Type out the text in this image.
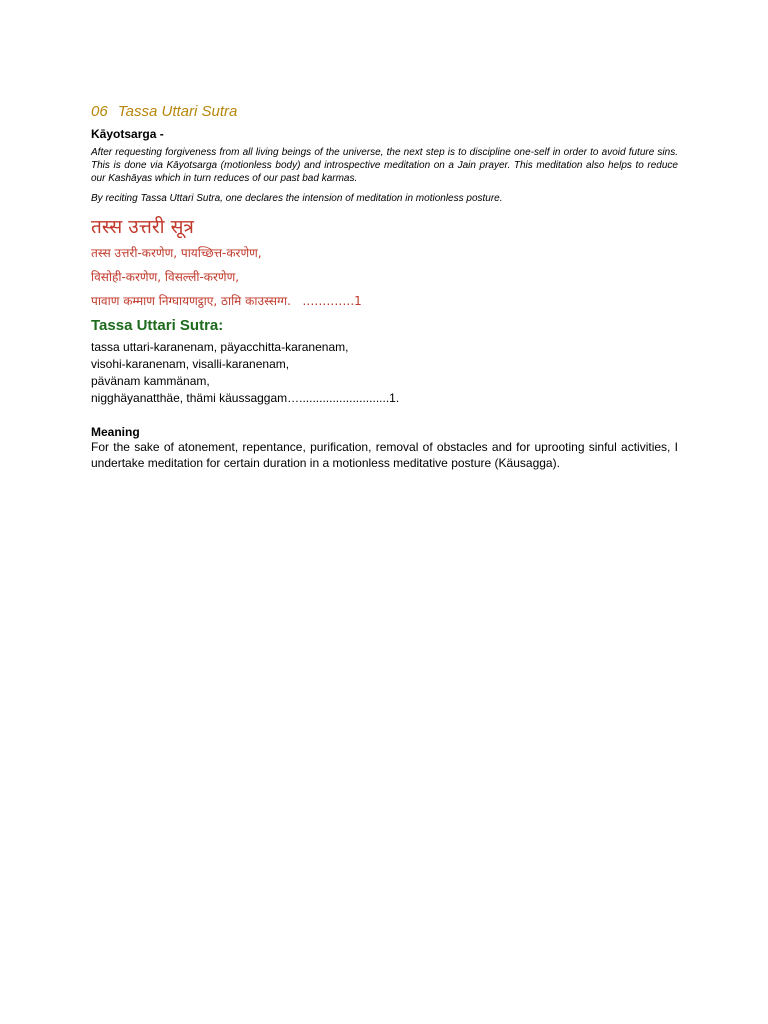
06 Tassa Uttari Sutra
Kāyotsarga -

After requesting forgiveness from all living beings of the universe, the next step is to discipline one-self in order to avoid future sins. This is done via Kāyotsarga (motionless body) and introspective meditation on a Jain prayer. This meditation also helps to reduce our Kashāyas which in turn reduces of our past bad karmas.

By reciting Tassa Uttari Sutra, one declares the intension of meditation in motionless posture.

तस्स उत्तरी सूत्र
तस्स उत्तरी-करणेण, पायच्छित्त-करणेण,
विसोही-करणेण, विसल्ली-करणेण,
पावाण कम्माण निग्घायणट्ठाए, ठामि काउस्सग्ग.   ………….1
Tassa Uttari Sutra:
tassa uttari-karanenam, päyacchitta-karanenam,
visohi-karanenam, visalli-karanenam,
pävänam kammänam,
nigghäyanatthäe, thämi käussaggam…...........................1.
Meaning

For the sake of atonement, repentance, purification, removal of obstacles and for uprooting sinful activities, I undertake meditation for certain duration in a motionless meditative posture (Käusagga).
